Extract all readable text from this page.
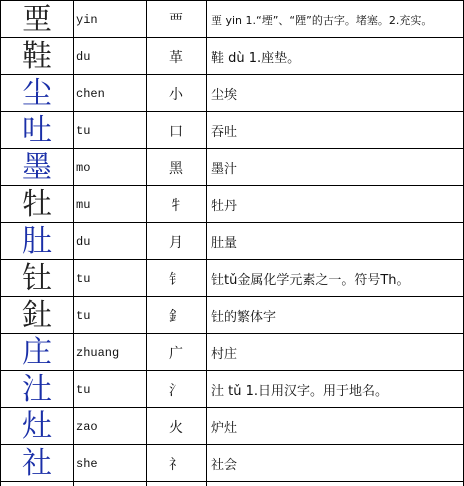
垔	yin	覀	垔 yin 1.“堙”、“陻”的古字。堵塞。2.充实。
鞋	du	革	鞋 dù 1.座垫。
尘	chen	小	尘埃
吐	tu	口	吞吐
墨	mo	黑	墨汁
牡	mu	牜	牡丹
肚	du	月	肚量
钍	tu	钅	钍tǔ金属化学元素之一。符号Th。
釷	tu	釒	钍的繁体字
庄	zhuang	广	村庄
汢	tu	氵	汢 tǔ 1.日用汉字。用于地名。
灶	zao	火	炉灶
社	she	礻	社会
